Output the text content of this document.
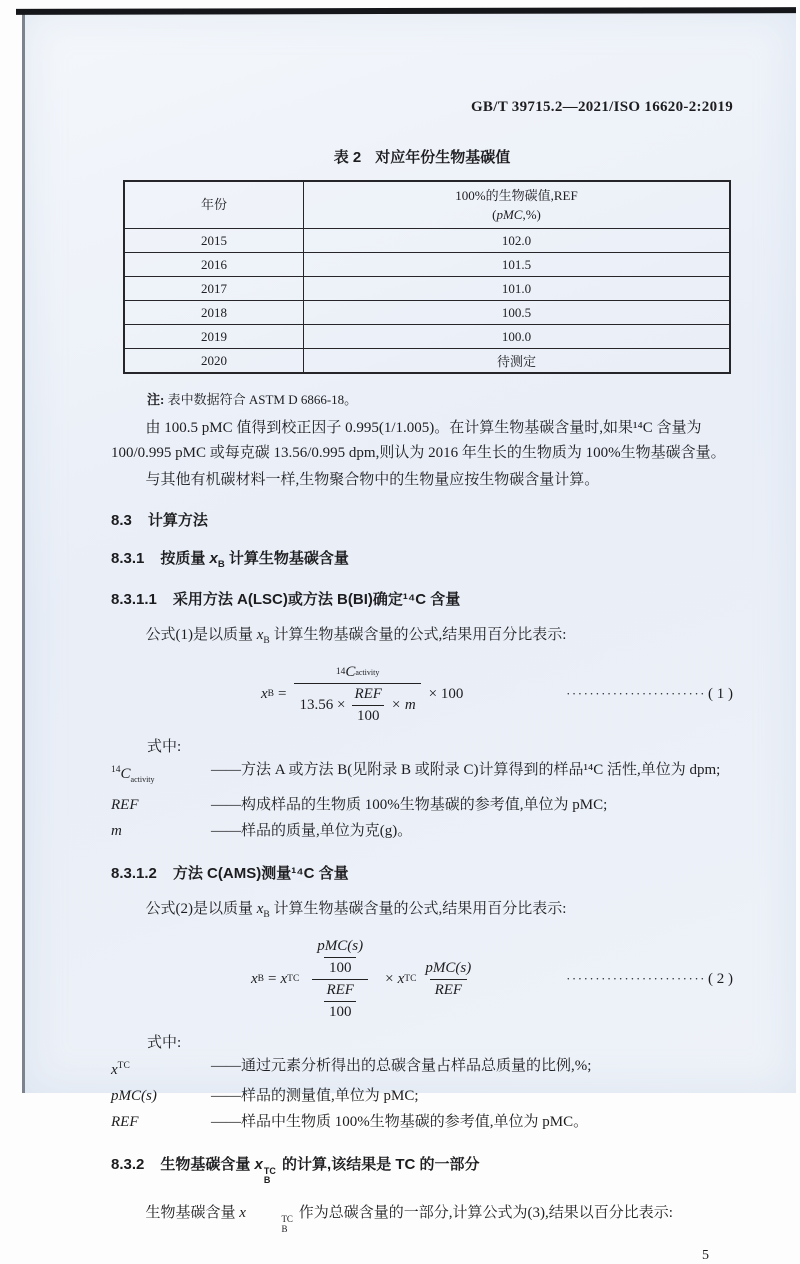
GB/T 39715.2—2021/ISO 16620-2:2019
表 2 对应年份生物基碳值
年份	100%的生物碳值,REF
(pMC,%)
2015	102.0
2016	101.5
2017	101.0
2018	100.5
2019	100.0
2020	待测定
注: 表中数据符合 ASTM D 6866-18。
由 100.5 pMC 值得到校正因子 0.995(1/1.005)。在计算生物基碳含量时,如果¹⁴C 含量为 100/0.995 pMC 或每克碳 13.56/0.995 dpm,则认为 2016 年生长的生物质为 100%生物基碳含量。
与其他有机碳材料一样,生物聚合物中的生物量应按生物碳含量计算。
8.3 计算方法
8.3.1 按质量 $x_B$ 计算生物基碳含量
8.3.1.1 采用方法 A(LSC)或方法 B(BI)确定¹⁴C 含量
公式(1)是以质量 $x_B$ 计算生物基碳含量的公式,结果用百分比表示:
x B =
14 C activity
$13.56 \times \frac{\text{REF}}{100} \times m$
× 100	························ ( 1 )
式中:
$^{14}C_{activity}$
——方法 A 或方法 B(见附录 B 或附录 C)计算得到的样品¹⁴C 活性,单位为 dpm;
REF	——构成样品的生物质 100%生物基碳的参考值,单位为 pMC;
m	——样品的质量,单位为克(g)。
8.3.1.2 方法 C(AMS)测量¹⁴C 含量
公式(2)是以质量 $x_B$ 计算生物基碳含量的公式,结果用百分比表示:
x B = x TC $\frac{\frac{\text{pMC(s)}}{100}}{\frac{\text{REF}}{100}} \times x$ TC $\frac{\text{pMC(s)}}{\text{REF}}$	························ ( 2 )
式中:
$x^{TC}$	——通过元素分析得出的总碳含量占样品总质量的比例,%;
pMC(s)	——样品的测量值,单位为 pMC;
REF	——样品中生物质 100%生物基碳的参考值,单位为 pMC。
8.3.2 生物基碳含量 x TC
B
的计算,该结果是 TC 的一部分
生物基碳含量 x	TC
B
作为总碳含量的一部分,计算公式为(3),结果以百分比表示:
5
